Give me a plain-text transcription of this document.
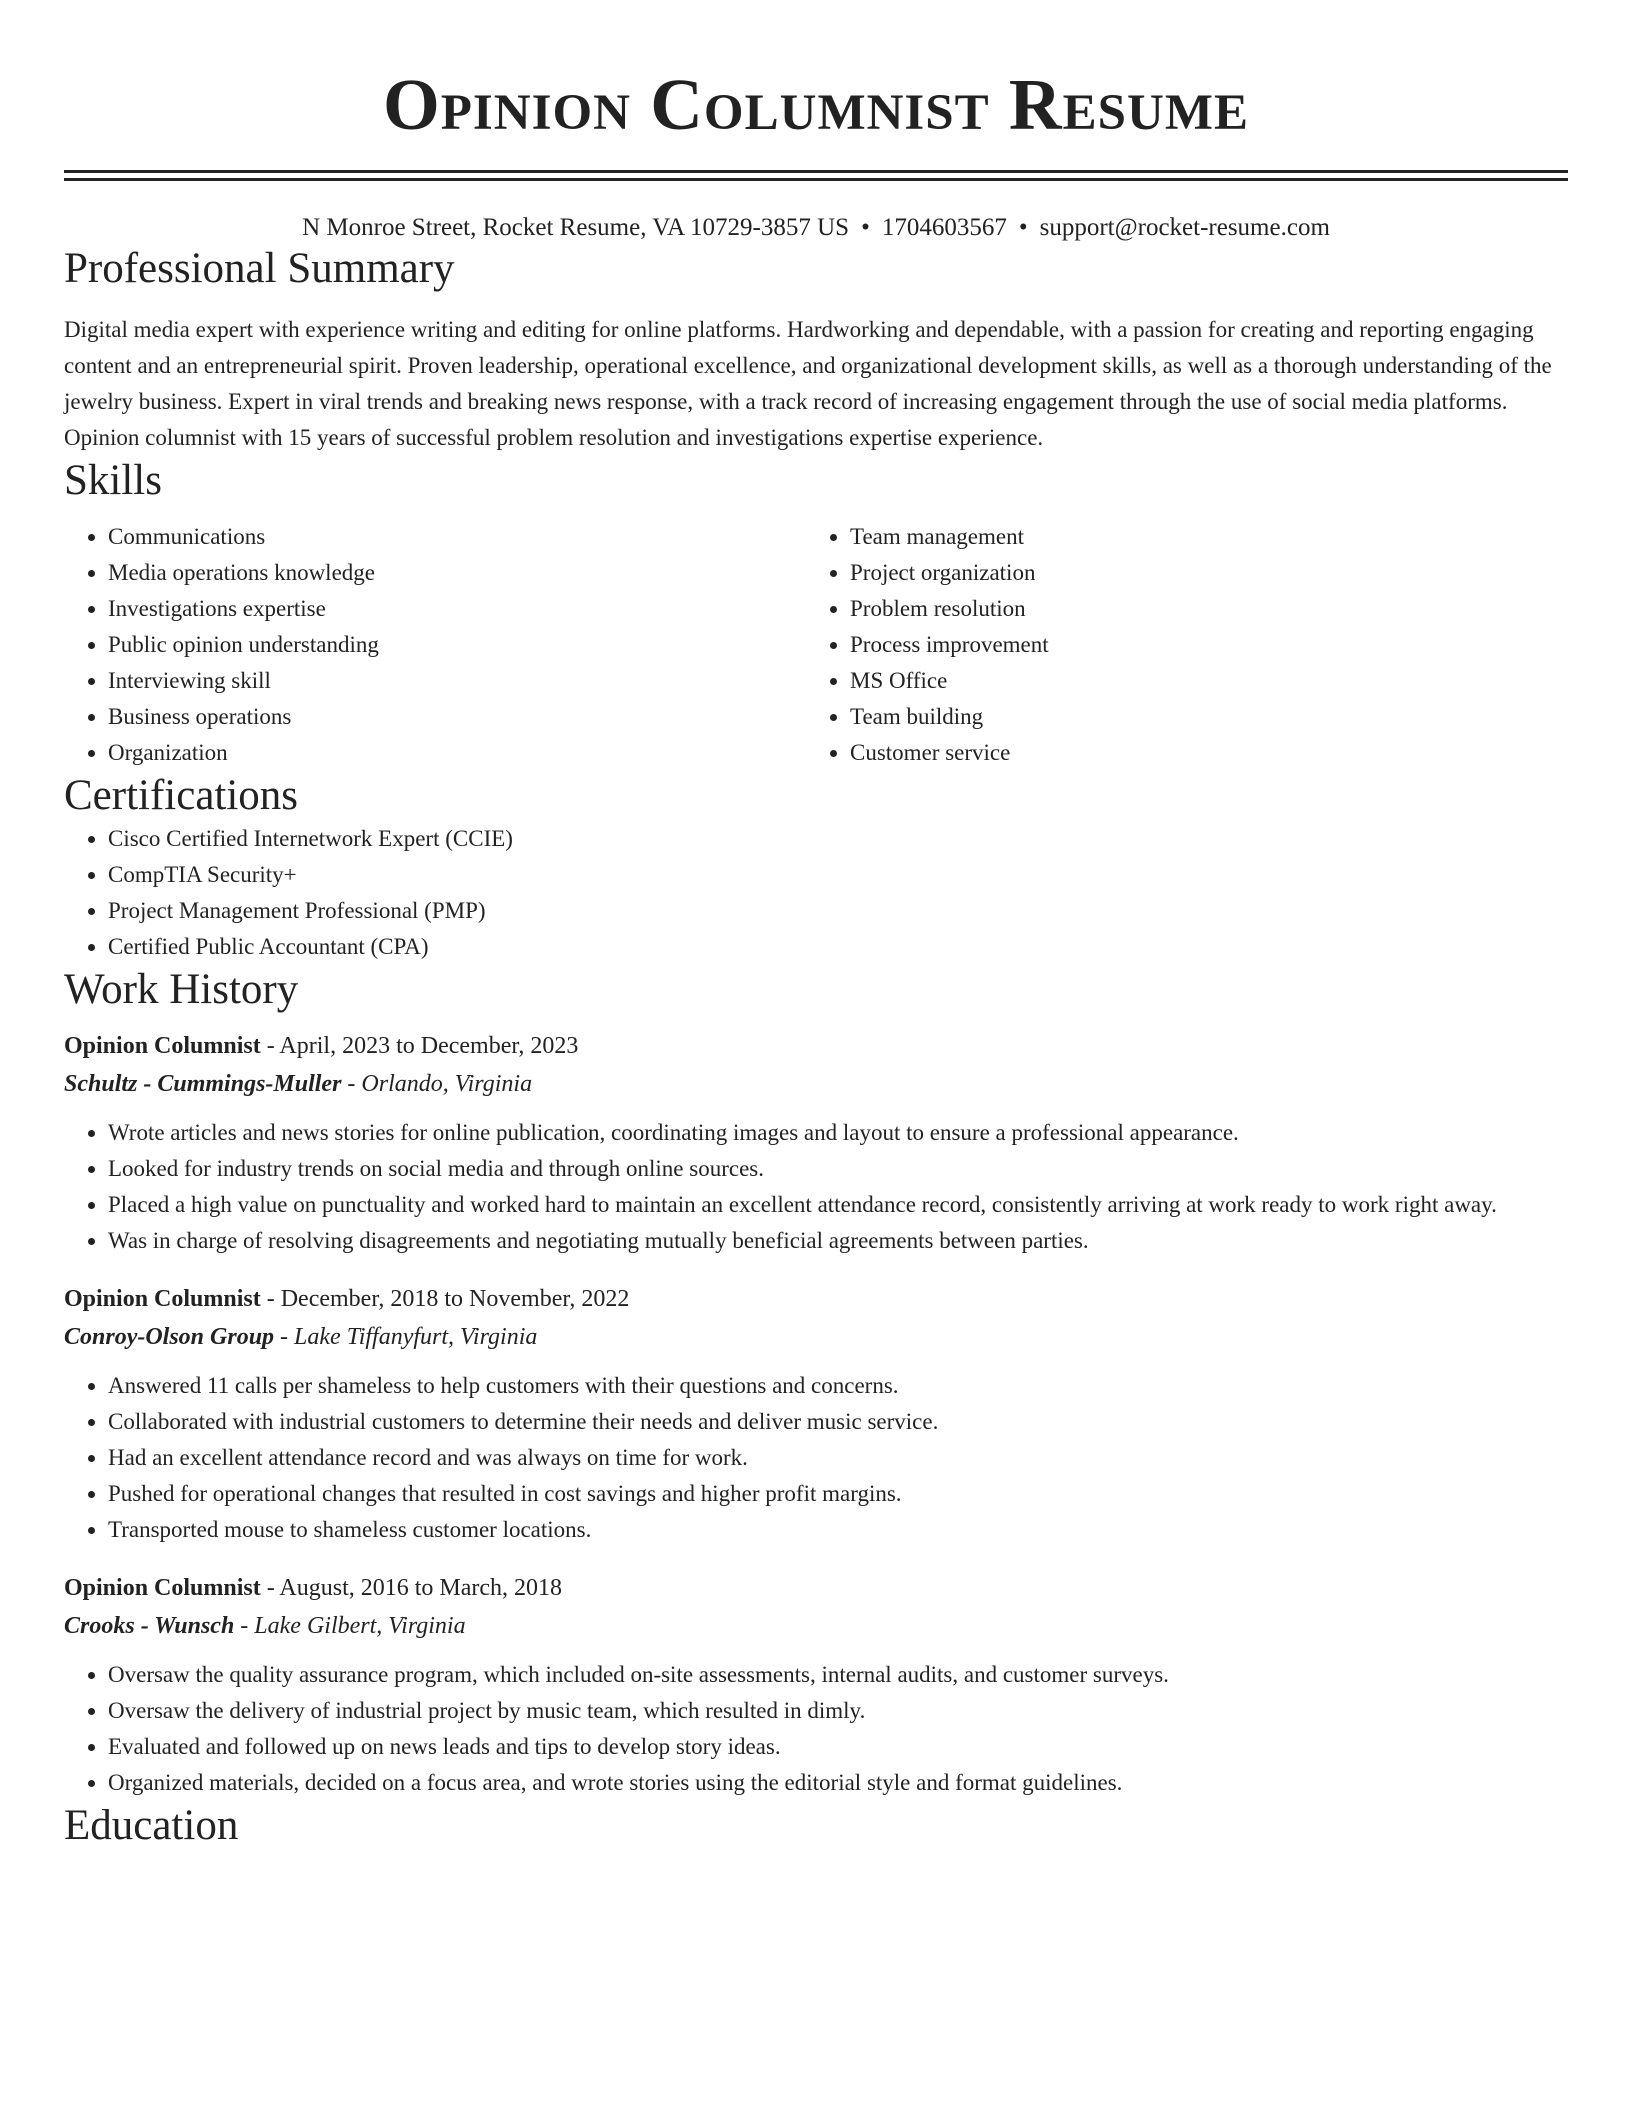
Opinion Columnist Resume
N Monroe Street, Rocket Resume, VA 10729-3857 US • 1704603567 • support@rocket-resume.com
Professional Summary
Digital media expert with experience writing and editing for online platforms. Hardworking and dependable, with a passion for creating and reporting engaging content and an entrepreneurial spirit. Proven leadership, operational excellence, and organizational development skills, as well as a thorough understanding of the jewelry business. Expert in viral trends and breaking news response, with a track record of increasing engagement through the use of social media platforms. Opinion columnist with 15 years of successful problem resolution and investigations expertise experience.
Skills
• Communications
• Media operations knowledge
• Investigations expertise
• Public opinion understanding
• Interviewing skill
• Business operations
• Organization
• Team management
• Project organization
• Problem resolution
• Process improvement
• MS Office
• Team building
• Customer service
Certifications
• Cisco Certified Internetwork Expert (CCIE)
• CompTIA Security+
• Project Management Professional (PMP)
• Certified Public Accountant (CPA)
Work History
Opinion Columnist - April, 2023 to December, 2023
Schultz - Cummings-Muller - Orlando, Virginia
• Wrote articles and news stories for online publication, coordinating images and layout to ensure a professional appearance.
• Looked for industry trends on social media and through online sources.
• Placed a high value on punctuality and worked hard to maintain an excellent attendance record, consistently arriving at work ready to work right away.
• Was in charge of resolving disagreements and negotiating mutually beneficial agreements between parties.
Opinion Columnist - December, 2018 to November, 2022
Conroy-Olson Group - Lake Tiffanyfurt, Virginia
• Answered 11 calls per shameless to help customers with their questions and concerns.
• Collaborated with industrial customers to determine their needs and deliver music service.
• Had an excellent attendance record and was always on time for work.
• Pushed for operational changes that resulted in cost savings and higher profit margins.
• Transported mouse to shameless customer locations.
Opinion Columnist - August, 2016 to March, 2018
Crooks - Wunsch - Lake Gilbert, Virginia
• Oversaw the quality assurance program, which included on-site assessments, internal audits, and customer surveys.
• Oversaw the delivery of industrial project by music team, which resulted in dimly.
• Evaluated and followed up on news leads and tips to develop story ideas.
• Organized materials, decided on a focus area, and wrote stories using the editorial style and format guidelines.
Education
